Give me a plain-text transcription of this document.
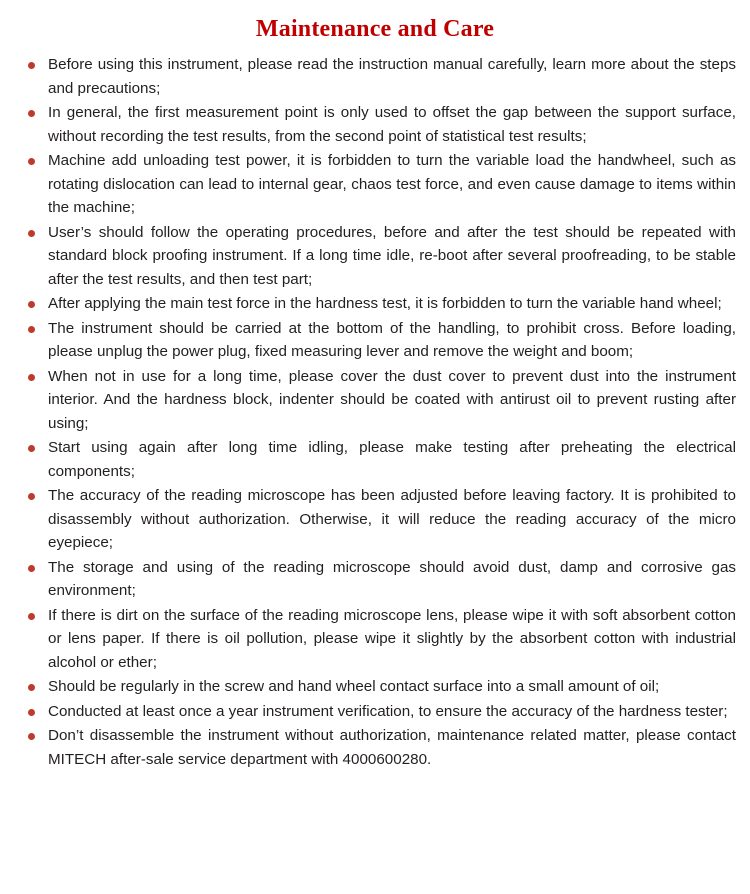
Maintenance and Care
Before using this instrument, please read the instruction manual carefully, learn more about the steps and precautions;
In general, the first measurement point is only used to offset the gap between the support surface, without recording the test results, from the second point of statistical test results;
Machine add unloading test power, it is forbidden to turn the variable load the handwheel, such as rotating dislocation can lead to internal gear, chaos test force, and even cause damage to items within the machine;
User’s should follow the operating procedures, before and after the test should be repeated with standard block proofing instrument. If a long time idle, re-boot after several proofreading, to be stable after the test results, and then test part;
After applying the main test force in the hardness test, it is forbidden to turn the variable hand wheel;
The instrument should be carried at the bottom of the handling, to prohibit cross. Before loading, please unplug the power plug, fixed measuring lever and remove the weight and boom;
When not in use for a long time, please cover the dust cover to prevent dust into the instrument interior. And the hardness block, indenter should be coated with antirust oil to prevent rusting after using;
Start using again after long time idling, please make testing after preheating the electrical components;
The accuracy of the reading microscope has been adjusted before leaving factory. It is prohibited to disassembly without authorization. Otherwise, it will reduce the reading accuracy of the micro eyepiece;
The storage and using of the reading microscope should avoid dust, damp and corrosive gas environment;
If there is dirt on the surface of the reading microscope lens, please wipe it with soft absorbent cotton or lens paper. If there is oil pollution, please wipe it slightly by the absorbent cotton with industrial alcohol or ether;
Should be regularly in the screw and hand wheel contact surface into a small amount of oil;
Conducted at least once a year instrument verification, to ensure the accuracy of the hardness tester;
Don’t disassemble the instrument without authorization, maintenance related matter, please contact MITECH after-sale service department with 4000600280.
